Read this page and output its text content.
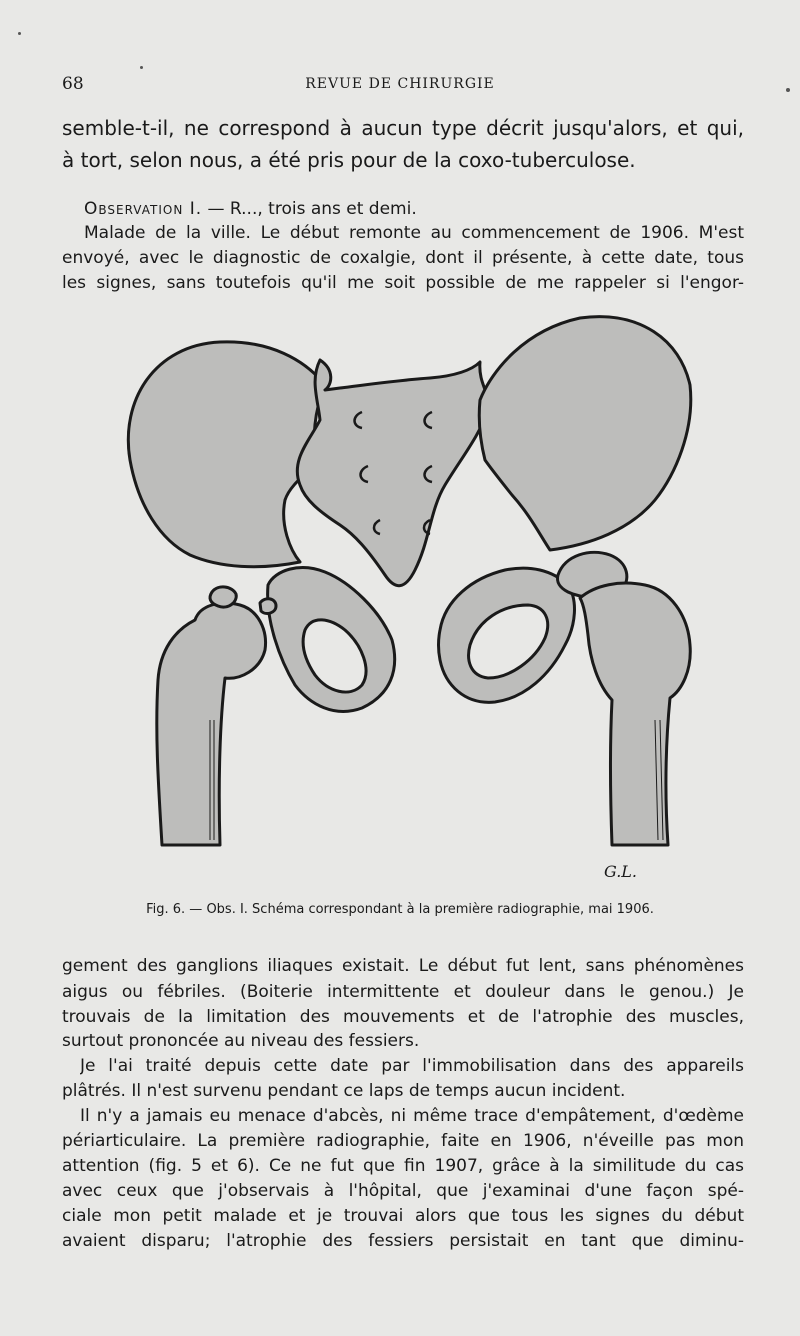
68	REVUE DE CHIRURGIE
semble-t-il, ne correspond à aucun type décrit jusqu'alors, et qui,
à tort, selon nous, a été pris pour de la coxo-tuberculose.
Observation I. — R..., trois ans et demi.
Malade de la ville. Le début remonte au commencement de 1906. M'est
envoyé, avec le diagnostic de coxalgie, dont il présente, à cette date, tous
les signes, sans toutefois qu'il me soit possible de me rappeler si l'engor-
G.L.
Fig. 6. — Obs. I. Schéma correspondant à la première radiographie, mai 1906.
gement des ganglions iliaques existait. Le début fut lent, sans phénomènes
aigus ou fébriles. (Boiterie intermittente et douleur dans le genou.) Je
trouvais de la limitation des mouvements et de l'atrophie des muscles,
surtout prononcée au niveau des fessiers.
Je l'ai traité depuis cette date par l'immobilisation dans des appareils
plâtrés. Il n'est survenu pendant ce laps de temps aucun incident.
Il n'y a jamais eu menace d'abcès, ni même trace d'empâtement, d'œdème
périarticulaire. La première radiographie, faite en 1906, n'éveille pas mon
attention (fig. 5 et 6). Ce ne fut que fin 1907, grâce à la similitude du cas
avec ceux que j'observais à l'hôpital, que j'examinai d'une façon spé-
ciale mon petit malade et je trouvai alors que tous les signes du début
avaient disparu; l'atrophie des fessiers persistait en tant que diminu-
